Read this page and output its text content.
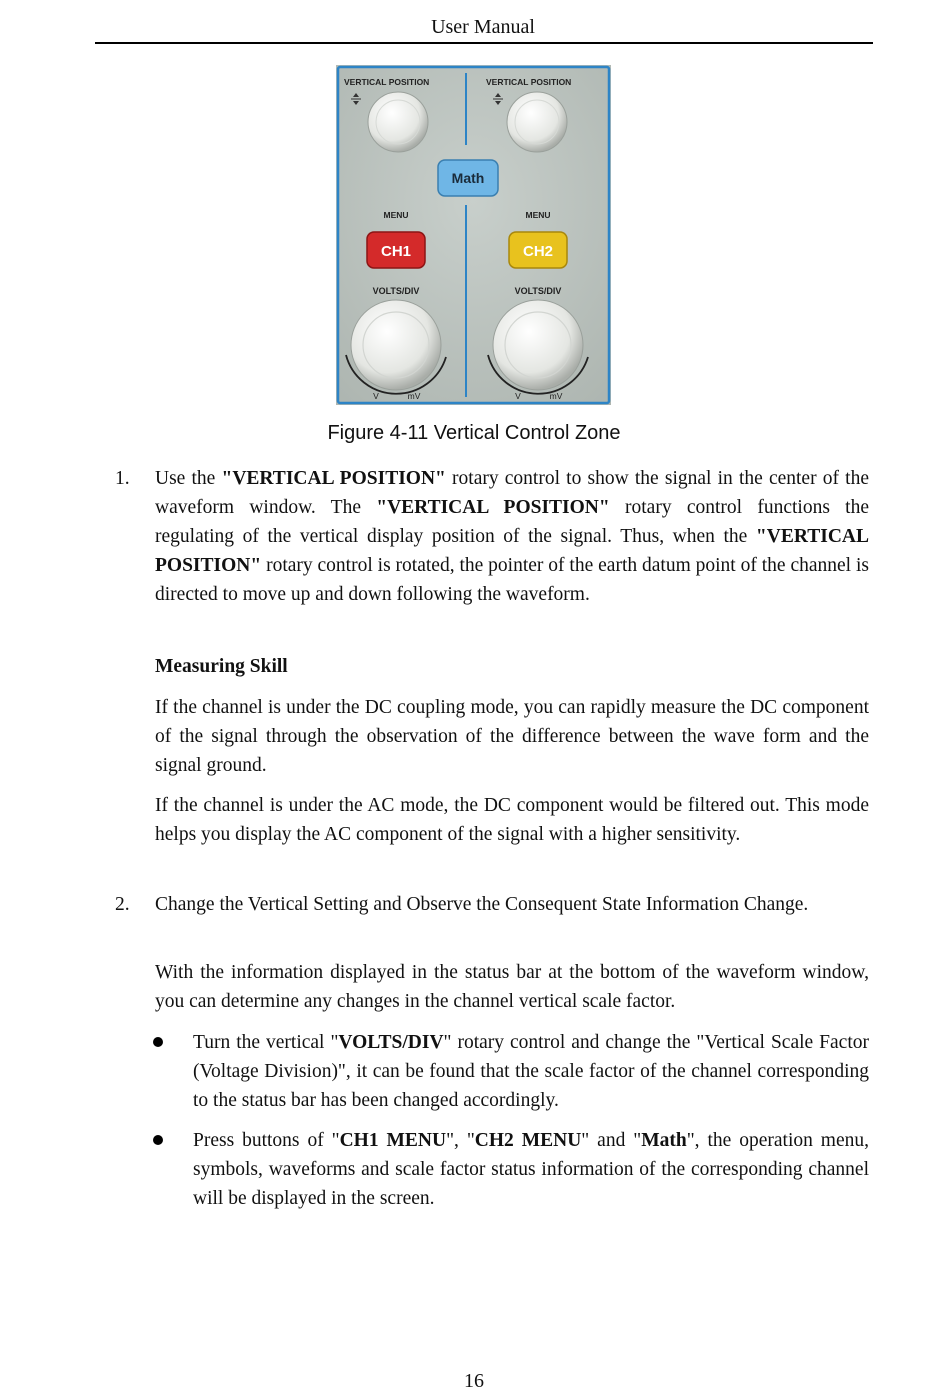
User Manual
VERTICAL POSITION	VERTICAL POSITION
Math
MENU	MENU
CH1	CH2
VOLTS/DIV	VOLTS/DIV
V	mV	V	mV
Figure 4-11 Vertical Control Zone
1. Use the "VERTICAL POSITION" rotary control to show the signal in the center of the waveform window. The "VERTICAL POSITION" rotary control functions the regulating of the vertical display position of the signal. Thus, when the "VERTICAL POSITION" rotary control is rotated, the pointer of the earth datum point of the channel is directed to move up and down following the waveform.

Measuring Skill

If the channel is under the DC coupling mode, you can rapidly measure the DC component of the signal through the observation of the difference between the wave form and the signal ground.

If the channel is under the AC mode, the DC component would be filtered out. This mode helps you display the AC component of the signal with a higher sensitivity.

2. Change the Vertical Setting and Observe the Consequent State Information Change.

With the information displayed in the status bar at the bottom of the waveform window, you can determine any changes in the channel vertical scale factor.

Turn the vertical "VOLTS/DIV" rotary control and change the "Vertical Scale Factor (Voltage Division)", it can be found that the scale factor of the channel corresponding to the status bar has been changed accordingly.

Press buttons of "CH1 MENU", "CH2 MENU" and "Math", the operation menu, symbols, waveforms and scale factor status information of the corresponding channel will be displayed in the screen.

16
